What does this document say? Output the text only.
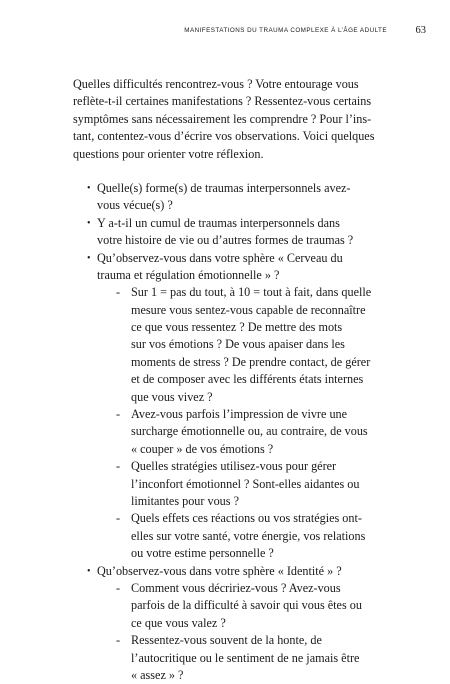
MANIFESTATIONS DU TRAUMA COMPLEXE À L’ÂGE ADULTE	63
Quelles difficultés rencontrez-vous ? Votre entourage vous
reflète-t-il certaines manifestations ? Ressentez-vous certains
symptômes sans nécessairement les comprendre ? Pour l’ins-
tant, contentez-vous d’écrire vos observations. Voici quelques
questions pour orienter votre réflexion.
• Quelle(s) forme(s) de traumas interpersonnels avez-
vous vécue(s) ?
• Y a-t-il un cumul de traumas interpersonnels dans
votre histoire de vie ou d’autres formes de traumas ?
• Qu’observez-vous dans votre sphère « Cerveau du
trauma et régulation émotionnelle » ?
- Sur 1 = pas du tout, à 10 = tout à fait, dans quelle
mesure vous sentez-vous capable de reconnaître
ce que vous ressentez ? De mettre des mots
sur vos émotions ? De vous apaiser dans les
moments de stress ? De prendre contact, de gérer
et de composer avec les différents états internes
que vous vivez ?
- Avez-vous parfois l’impression de vivre une
surcharge émotionnelle ou, au contraire, de vous
« couper » de vos émotions ?
- Quelles stratégies utilisez-vous pour gérer
l’inconfort émotionnel ? Sont-elles aidantes ou
limitantes pour vous ?
- Quels effets ces réactions ou vos stratégies ont-
elles sur votre santé, votre énergie, vos relations
ou votre estime personnelle ?
• Qu’observez-vous dans votre sphère « Identité » ?
- Comment vous décririez-vous ? Avez-vous
parfois de la difficulté à savoir qui vous êtes ou
ce que vous valez ?
- Ressentez-vous souvent de la honte, de
l’autocritique ou le sentiment de ne jamais être
« assez » ?
